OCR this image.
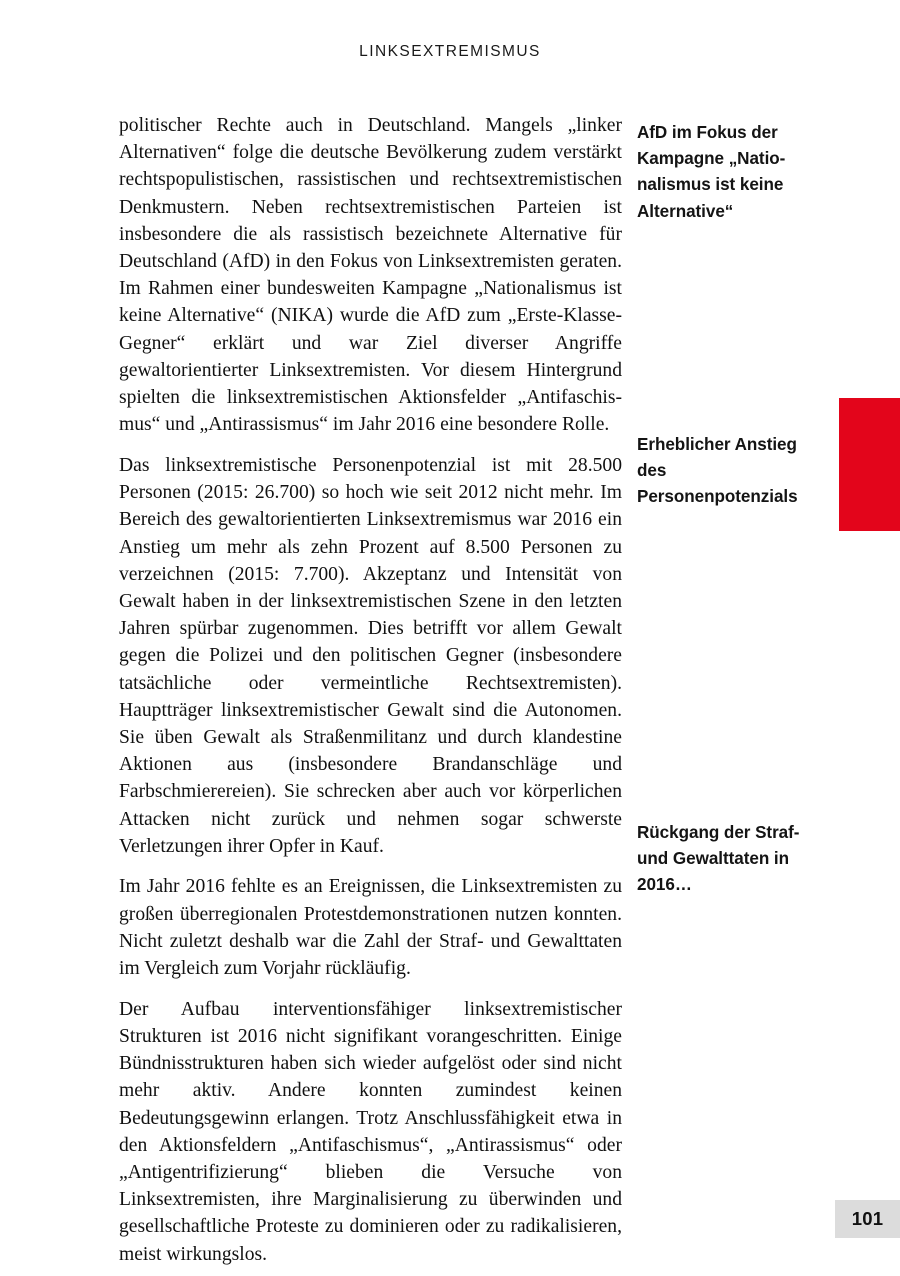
LINKSEXTREMISMUS

politischer Rechte auch in Deutschland. Mangels „linker Alternativen“ folge die deutsche Bevölkerung zudem verstärkt rechtspopulistischen, rassistischen und rechtsextremistischen Denkmustern. Neben rechtsextremistischen Parteien ist insbesondere die als rassistisch bezeichnete Alternative für Deutschland (AfD) in den Fokus von Linksextremisten geraten. Im Rahmen einer bundesweiten Kampagne „Nationalismus ist keine Alternative“ (NIKA) wurde die AfD zum „Erste-Klasse-Gegner“ erklärt und war Ziel diverser Angriffe gewaltorientierter Linksextremisten. Vor diesem Hintergrund spielten die linksextremistischen Aktionsfelder „Antifaschismus“ und „Antirassismus“ im Jahr 2016 eine besondere Rolle.

Das linksextremistische Personenpotenzial ist mit 28.500 Personen (2015: 26.700) so hoch wie seit 2012 nicht mehr. Im Bereich des gewaltorientierten Linksextremismus war 2016 ein Anstieg um mehr als zehn Prozent auf 8.500 Personen zu verzeichnen (2015: 7.700). Akzeptanz und Intensität von Gewalt haben in der linksextremistischen Szene in den letzten Jahren spürbar zugenommen. Dies betrifft vor allem Gewalt gegen die Polizei und den politischen Gegner (insbesondere tatsächliche oder vermeintliche Rechtsextremisten). Hauptträger linksextremistischer Gewalt sind die Autonomen. Sie üben Gewalt als Straßenmilitanz und durch klandestine Aktionen aus (insbesondere Brandanschläge und Farbschmierereien). Sie schrecken aber auch vor körperlichen Attacken nicht zurück und nehmen sogar schwerste Verletzungen ihrer Opfer in Kauf.

Im Jahr 2016 fehlte es an Ereignissen, die Linksextremisten zu großen überregionalen Protestdemonstrationen nutzen konnten. Nicht zuletzt deshalb war die Zahl der Straf- und Gewalttaten im Vergleich zum Vorjahr rückläufig.

Der Aufbau interventionsfähiger linksextremistischer Strukturen ist 2016 nicht signifikant vorangeschritten. Einige Bündnisstrukturen haben sich wieder aufgelöst oder sind nicht mehr aktiv. Andere konnten zumindest keinen Bedeutungsgewinn erlangen. Trotz Anschlussfähigkeit etwa in den Aktionsfeldern „Antifaschismus“, „Antirassismus“ oder „Antigentrifizierung“ blieben die Versuche von Linksextremisten, ihre Marginalisierung zu überwinden und gesellschaftliche Proteste zu dominieren oder zu radikalisieren, meist wirkungslos.

AfD im Fokus der Kampagne „Nationalismus ist keine Alternative“
Erheblicher Anstieg des Personenpotenzials
Rückgang der Straf- und Gewalttaten in 2016…
101
